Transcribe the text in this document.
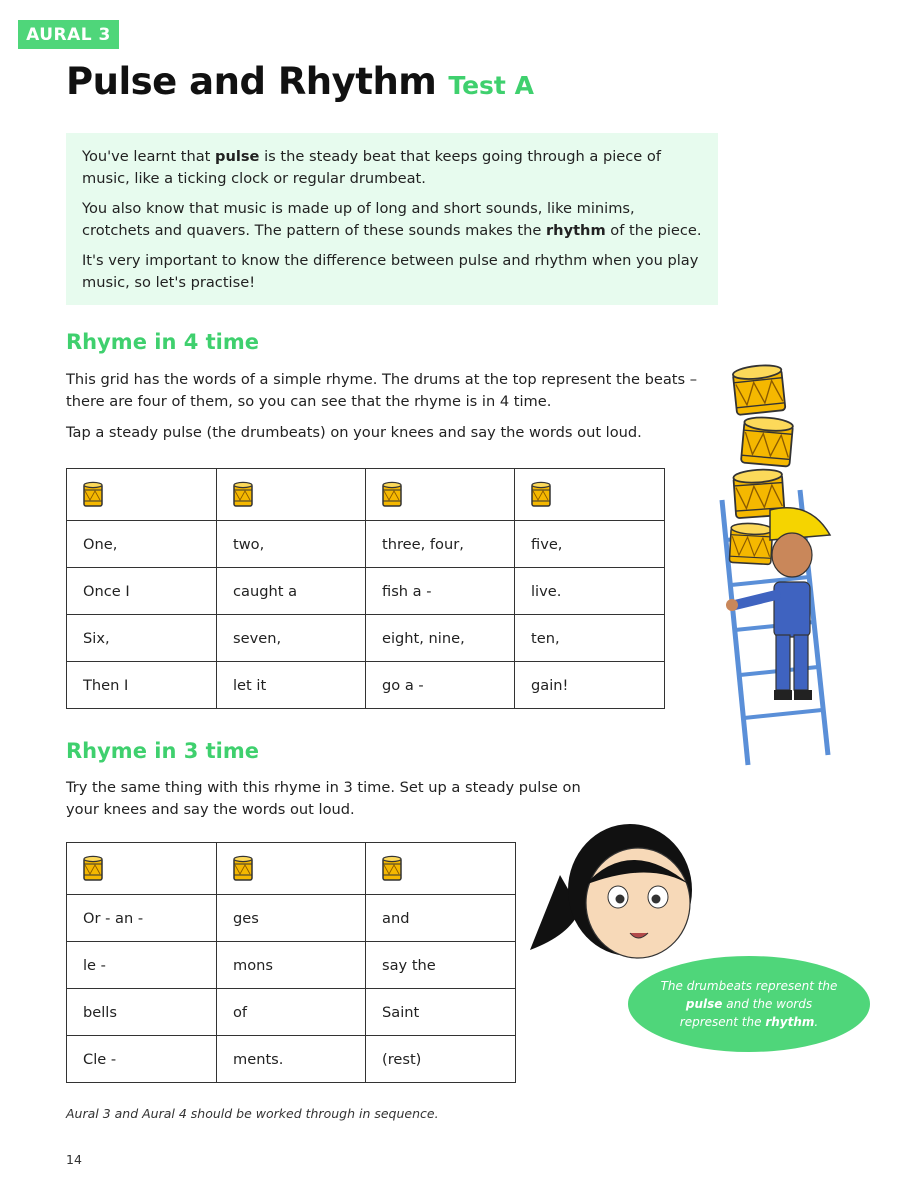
AURAL 3
Pulse and Rhythm Test A

You've learnt that pulse is the steady beat that keeps going through a piece of music, like a ticking clock or regular drumbeat.

You also know that music is made up of long and short sounds, like minims, crotchets and quavers. The pattern of these sounds makes the rhythm of the piece.

It's very important to know the difference between pulse and rhythm when you play music, so let's practise!

Rhyme in 4 time
This grid has the words of a simple rhyme. The drums at the top represent the beats – there are four of them, so you can see that the rhyme is in 4 time.
Tap a steady pulse (the drumbeats) on your knees and say the words out loud.

One,	two,	three, four,	five,
Once I	caught a	fish a -	live.
Six,	seven,	eight, nine,	ten,
Then I	let it	go a -	gain!
Rhyme in 3 time
Try the same thing with this rhyme in 3 time. Set up a steady pulse on your knees and say the words out loud.

Or - an -	ges	and
le -	mons	say the
bells	of	Saint
Cle -	ments.	(rest)
The drumbeats represent the pulse and the words represent the rhythm.
Aural 3 and Aural 4 should be worked through in sequence.
14
